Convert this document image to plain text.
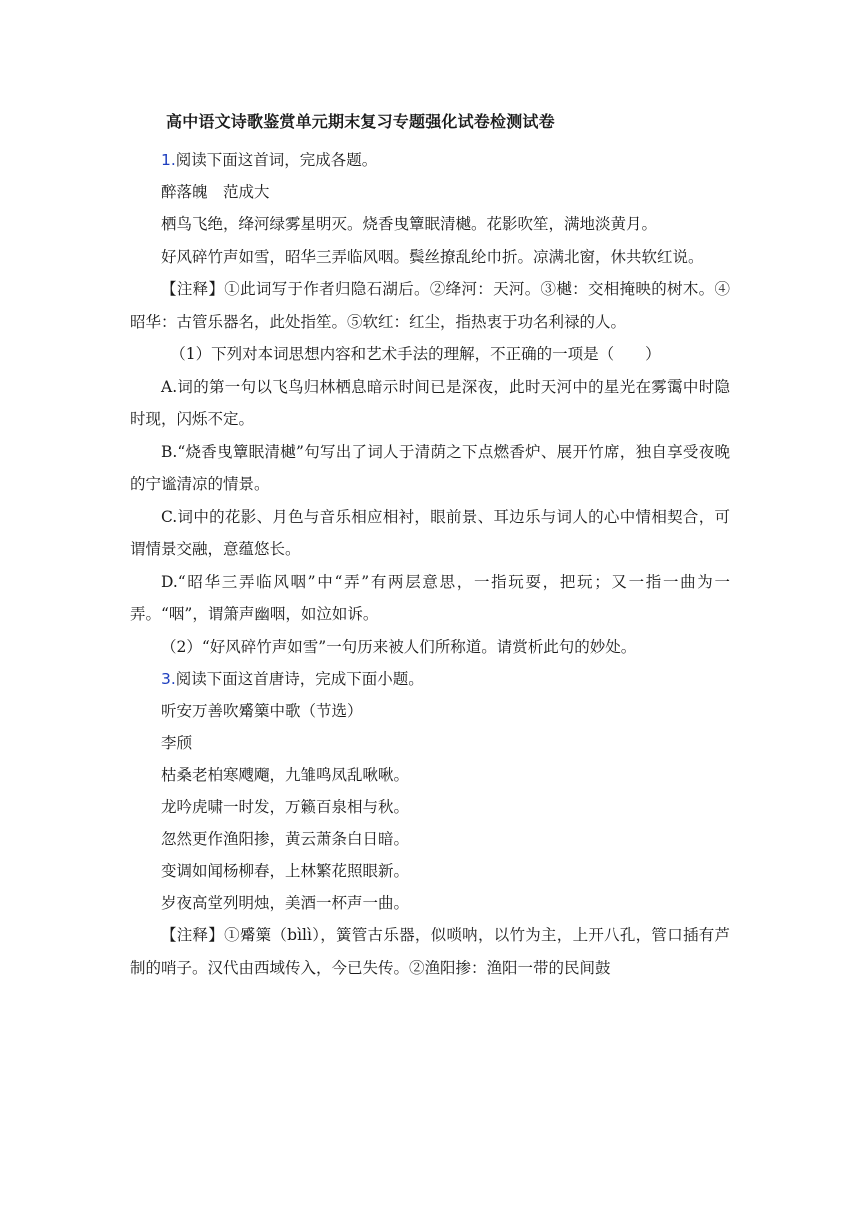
高中语文诗歌鉴赏单元期末复习专题强化试卷检测试卷
1.阅读下面这首词，完成各题。
醉落魄　范成大

栖鸟飞绝，绛河绿雾星明灭。烧香曳簟眠清樾。花影吹笙，满地淡黄月。

好风碎竹声如雪，昭华三弄临风咽。鬓丝撩乱纶巾折。凉满北窗，休共软红说。

【注释】①此词写于作者归隐石湖后。②绛河：天河。③樾：交相掩映的树木。④昭华：古管乐器名，此处指笙。⑤软红：红尘，指热衷于功名利禄的人。

（1）下列对本词思想内容和艺术手法的理解，不正确的一项是（　　）

A.词的第一句以飞鸟归林栖息暗示时间已是深夜，此时天河中的星光在雾霭中时隐时现，闪烁不定。

B.“烧香曳簟眠清樾”句写出了词人于清荫之下点燃香炉、展开竹席，独自享受夜晚的宁谧清凉的情景。

C.词中的花影、月色与音乐相应相衬，眼前景、耳边乐与词人的心中情相契合，可谓情景交融，意蕴悠长。

D.“昭华三弄临风咽”中“弄”有两层意思，一指玩耍，把玩；又一指一曲为一弄。“咽”，谓箫声幽咽，如泣如诉。

（2）“好风碎竹声如雪”一句历来被人们所称道。请赏析此句的妙处。

3.阅读下面这首唐诗，完成下面小题。
听安万善吹觱篥中歌（节选）
李颀
枯桑老柏寒飕飗，九雏鸣凤乱啾啾。
龙吟虎啸一时发，万籁百泉相与秋。
忽然更作渔阳掺，黄云萧条白日暗。
变调如闻杨柳春，上林繁花照眼新。
岁夜高堂列明烛，美酒一杯声一曲。

【注释】①觱篥（bìlì），簧管古乐器，似唢呐，以竹为主，上开八孔，管口插有芦制的哨子。汉代由西域传入，今已失传。②渔阳掺：渔阳一带的民间鼓
